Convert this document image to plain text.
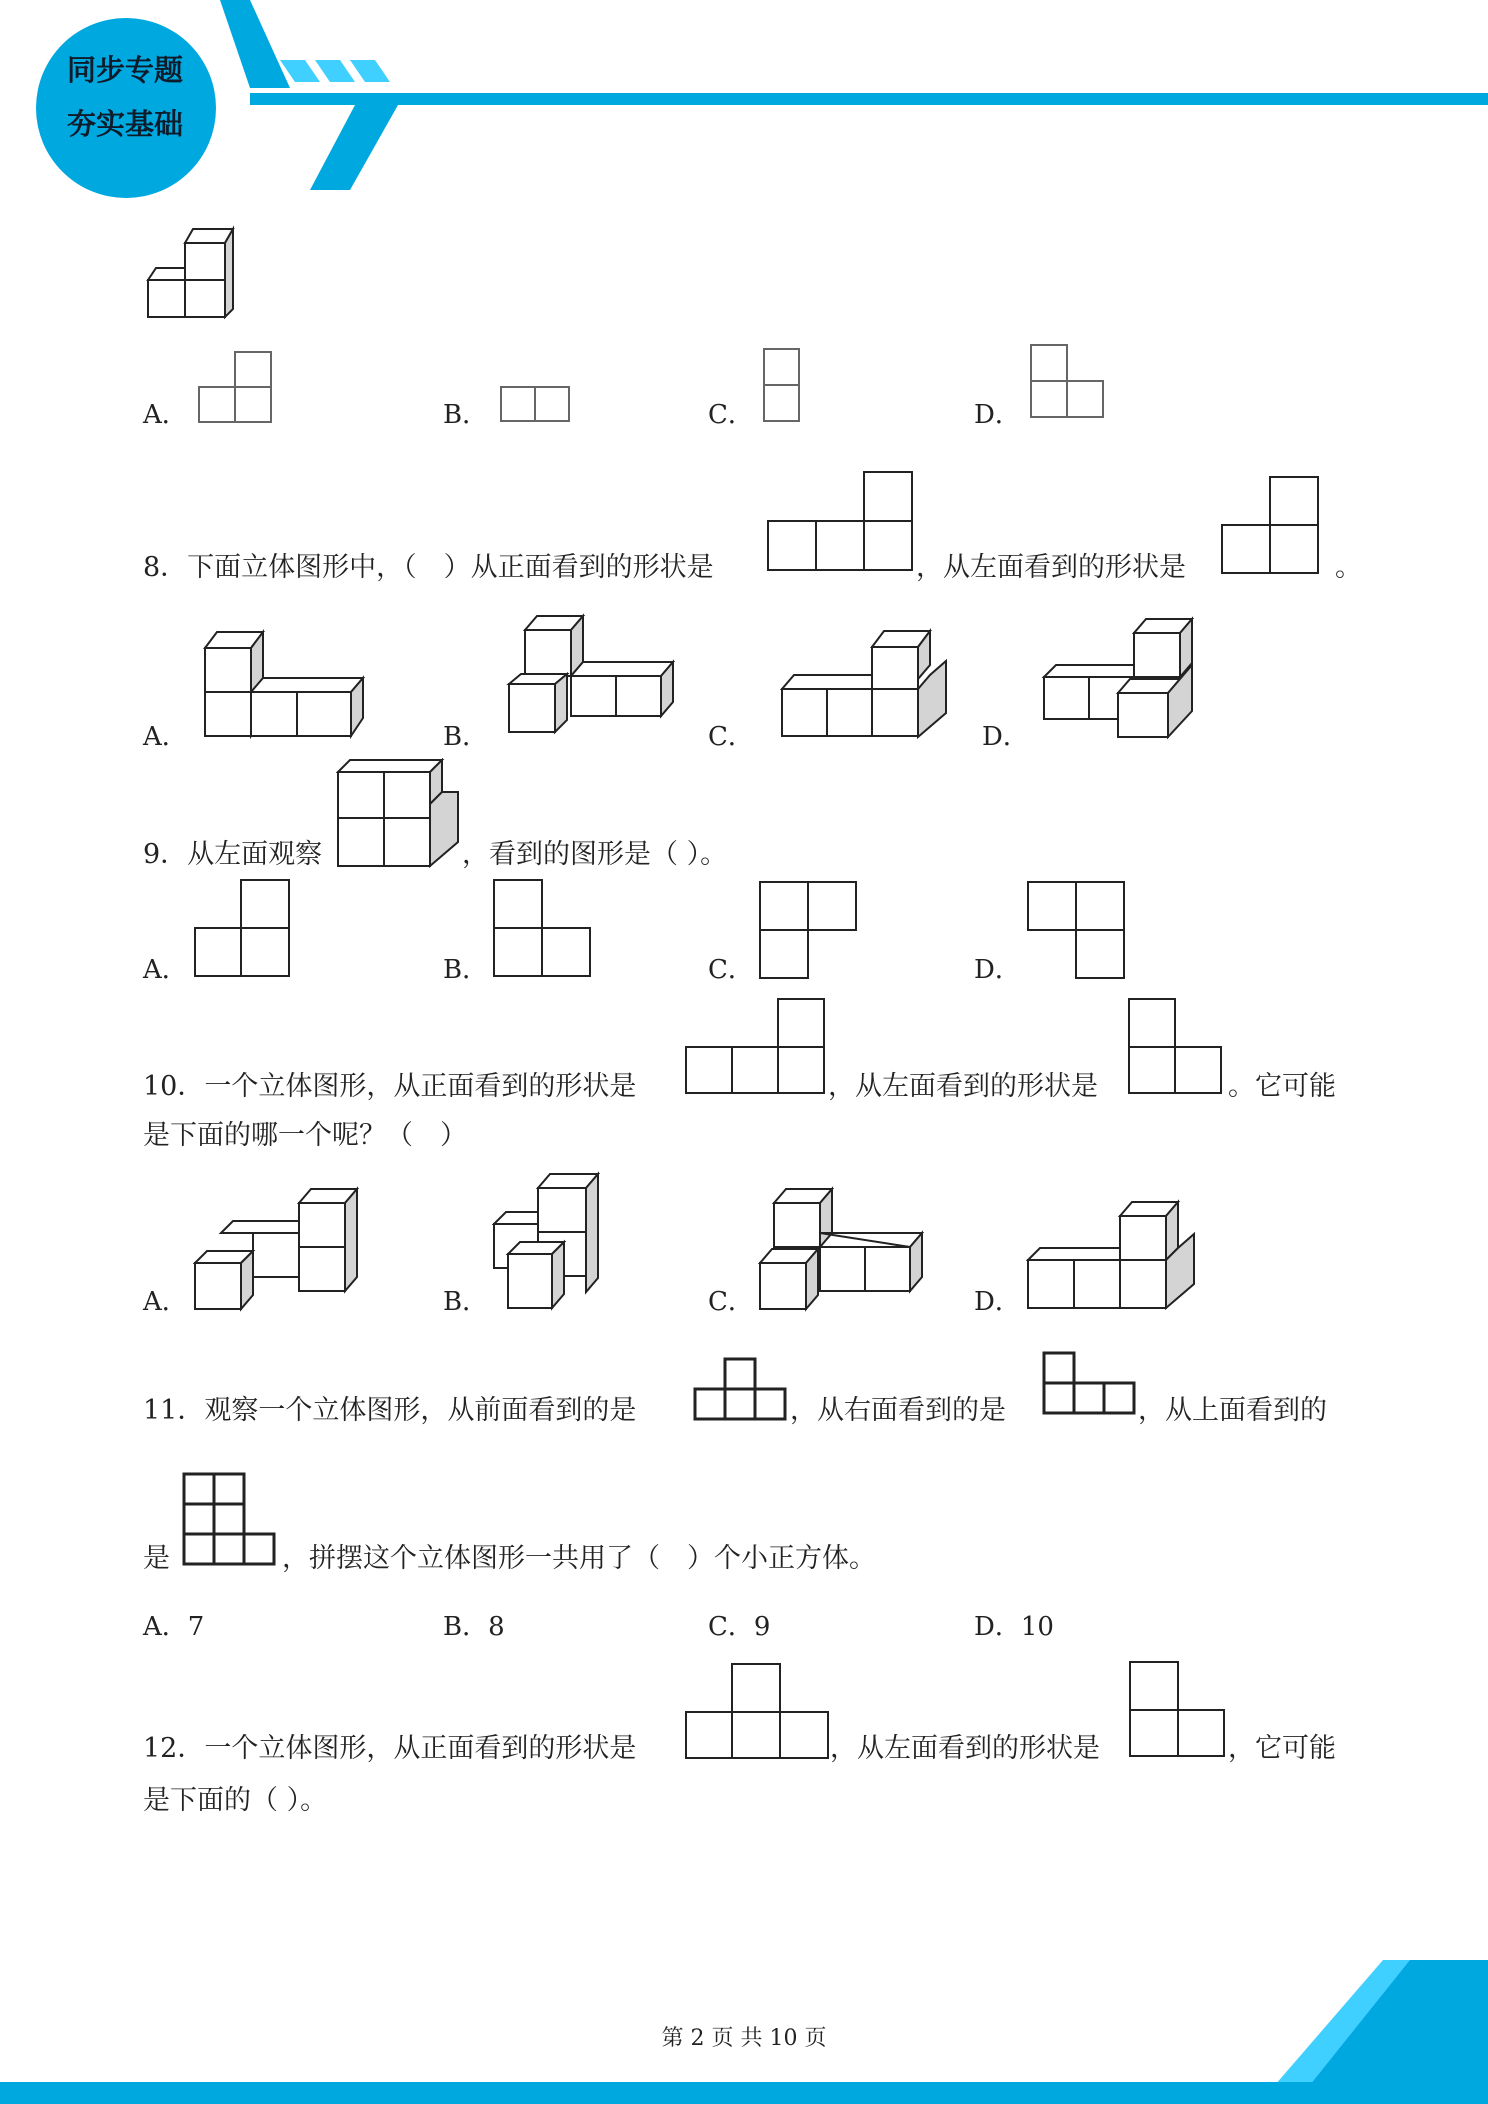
同步专题
夯实基础
A．	B．	C．	D．
8．下面立体图形中，（　）从正面看到的形状是	，从左面看到的形状是	。
A．	B．	C．	D．
9．从左面观察	，看到的图形是（ ）。
A．	B．	C．	D．
10．一个立体图形，从正面看到的形状是	，从左面看到的形状是	。它可能
是下面的哪一个呢？（　）
A．	B．	C．	D．
11．观察一个立体图形，从前面看到的是	，从右面看到的是	，从上面看到的
是	，拼摆这个立体图形一共用了（　）个小正方体。
A．7	B．8	C．9	D．10
12．一个立体图形，从正面看到的形状是	，从左面看到的形状是	，它可能
是下面的（ ）。
第 2 页 共 10 页
